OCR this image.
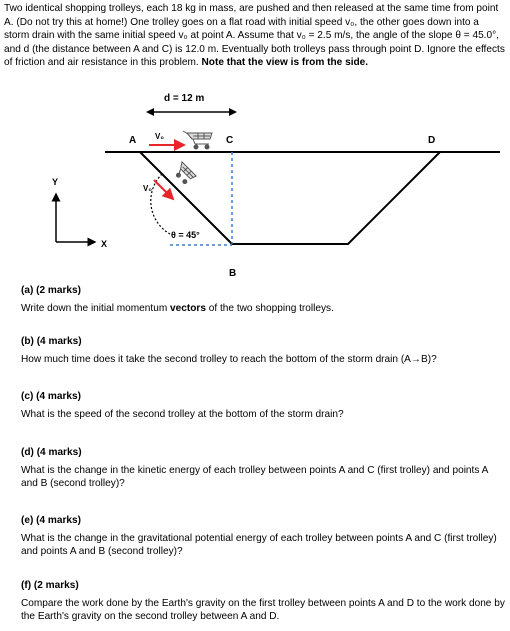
Two identical shopping trolleys, each 18 kg in mass, are pushed and then released at the same time from point A. (Do not try this at home!) One trolley goes on a flat road with initial speed v₀, the other goes down into a storm drain with the same initial speed v₀ at point A. Assume that v₀ = 2.5 m/s, the angle of the slope θ = 45.0°, and d (the distance between A and C) is 12.0 m. Eventually both trolleys pass through point D. Ignore the effects of friction and air resistance in this problem. Note that the view is from the side.

d = 12 m
θ = 45°
A	C	D
B
V₀
V₀
Y
X
(a) (2 marks)
Write down the initial momentum vectors of the two shopping trolleys.
(b) (4 marks)
How much time does it take the second trolley to reach the bottom of the storm drain (A→B)?
(c) (4 marks)
What is the speed of the second trolley at the bottom of the storm drain?
(d) (4 marks)
What is the change in the kinetic energy of each trolley between points A and C (first trolley) and points A and B (second trolley)?
(e) (4 marks)
What is the change in the gravitational potential energy of each trolley between points A and C (first trolley) and points A and B (second trolley)?
(f) (2 marks)
Compare the work done by the Earth's gravity on the first trolley between points A and D to the work done by the Earth's gravity on the second trolley between A and D.
